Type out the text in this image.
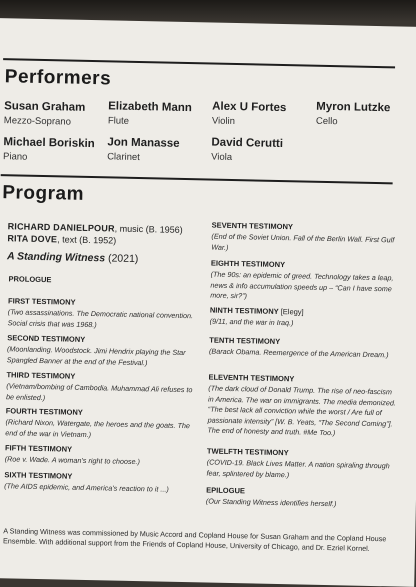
Performers
Susan Graham
Mezzo-Soprano
Elizabeth Mann
Flute
Alex U Fortes
Violin
Myron Lutzke
Cello
Michael Boriskin
Piano
Jon Manasse
Clarinet
David Cerutti
Viola
Program
RICHARD DANIELPOUR, music (B. 1956)
RITA DOVE, text (B. 1952)
A Standing Witness (2021)
PROLOGUE
FIRST TESTIMONY
(Two assassinations. The Democratic national convention. Social crisis that was 1968.)
SECOND TESTIMONY
(Moonlanding. Woodstock. Jimi Hendrix playing the Star Spangled Banner at the end of the Festival.)
THIRD TESTIMONY
(Vietnam/bombing of Cambodia. Muhammad Ali refuses to be enlisted.)
FOURTH TESTIMONY
(Richard Nixon, Watergate, the heroes and the goats. The end of the war in Vietnam.)
FIFTH TESTIMONY
(Roe v. Wade. A woman's right to choose.)
SIXTH TESTIMONY
(The AIDS epidemic, and America's reaction to it ...)
SEVENTH TESTIMONY
(End of the Soviet Union. Fall of the Berlin Wall. First Gulf War.)
EIGHTH TESTIMONY
(The 90s: an epidemic of greed. Technology takes a leap, news & info accumulation speeds up – “Can I have some more, sir?”)
NINTH TESTIMONY [Elegy]
(9/11, and the war in Iraq.)
TENTH TESTIMONY
(Barack Obama. Reemergence of the American Dream.)
ELEVENTH TESTIMONY
(The dark cloud of Donald Trump. The rise of neo-fascism in America. The war on immigrants. The media demonized. “The best lack all conviction while the worst / Are full of passionate intensity” [W. B. Yeats, “The Second Coming”]. The end of honesty and truth. #Me Too.)
TWELFTH TESTIMONY
(COVID-19. Black Lives Matter. A nation spiraling through fear, splintered by blame.)
EPILOGUE
(Our Standing Witness identifies herself.)
A Standing Witness was commissioned by Music Accord and Copland House for Susan Graham and the Copland House Ensemble. With additional support from the Friends of Copland House, University of Chicago, and Dr. Ezriel Kornel.
